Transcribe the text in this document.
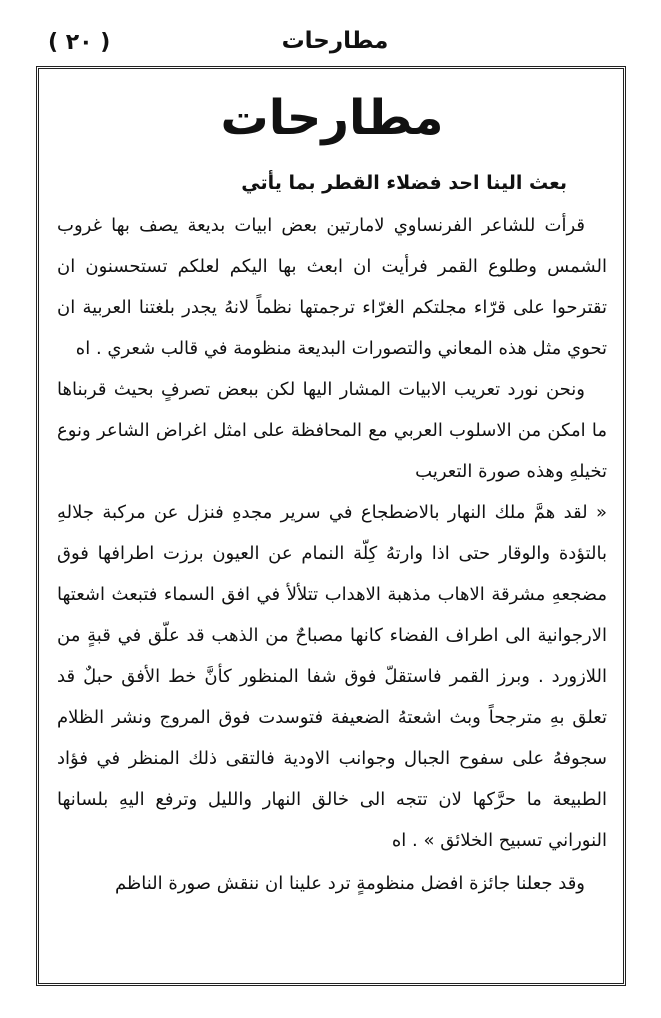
( ٢٠ )	مطارحات
مطارحات

بعث الينا احد فضلاء القطر بما يأتي

قرأت للشاعر الفرنساوي لامارتين بعض ابيات بديعة يصف بها غروب الشمس وطلوع القمر فرأيت ان ابعث بها اليكم لعلكم تستحسنون ان تقترحوا على قرّاء مجلتكم الغرّاء ترجمتها نظماً لانهُ يجدر بلغتنا العربية ان تحوي مثل هذه المعاني والتصورات البديعة منظومة في قالب شعري . اه

ونحن نورد تعريب الابيات المشار اليها لكن ببعض تصرفٍ بحيث قربناها ما امكن من الاسلوب العربي مع المحافظة على امثل اغراض الشاعر ونوع تخيلهِ وهذه صورة التعريب

« لقد همَّ ملك النهار بالاضطجاع في سرير مجدهِ فنزل عن مركبة جلالهِ بالتؤدة والوقار حتى اذا وارتهُ كِلّة النمام عن العيون برزت اطرافها فوق مضجعهِ مشرقة الاهاب مذهبة الاهداب تتلألأ في افق السماء فتبعث اشعتها الارجوانية الى اطراف الفضاء كانها مصباحٌ من الذهب قد علّق في قبةٍ من اللازورد . وبرز القمر فاستقلّ فوق شفا المنظور كأنَّ خط الأفق حبلٌ قد تعلق بهِ مترجحاً وبث اشعتهُ الضعيفة فتوسدت فوق المروج ونشر الظلام سجوفهُ على سفوح الجبال وجوانب الاودية فالتقى ذلك المنظر في فؤاد الطبيعة ما حرَّكها لان تتجه الى خالق النهار والليل وترفع اليهِ بلسانها النوراني تسبيح الخلائق » . اه

وقد جعلنا جائزة افضل منظومةٍ ترد علينا ان ننقش صورة الناظم
